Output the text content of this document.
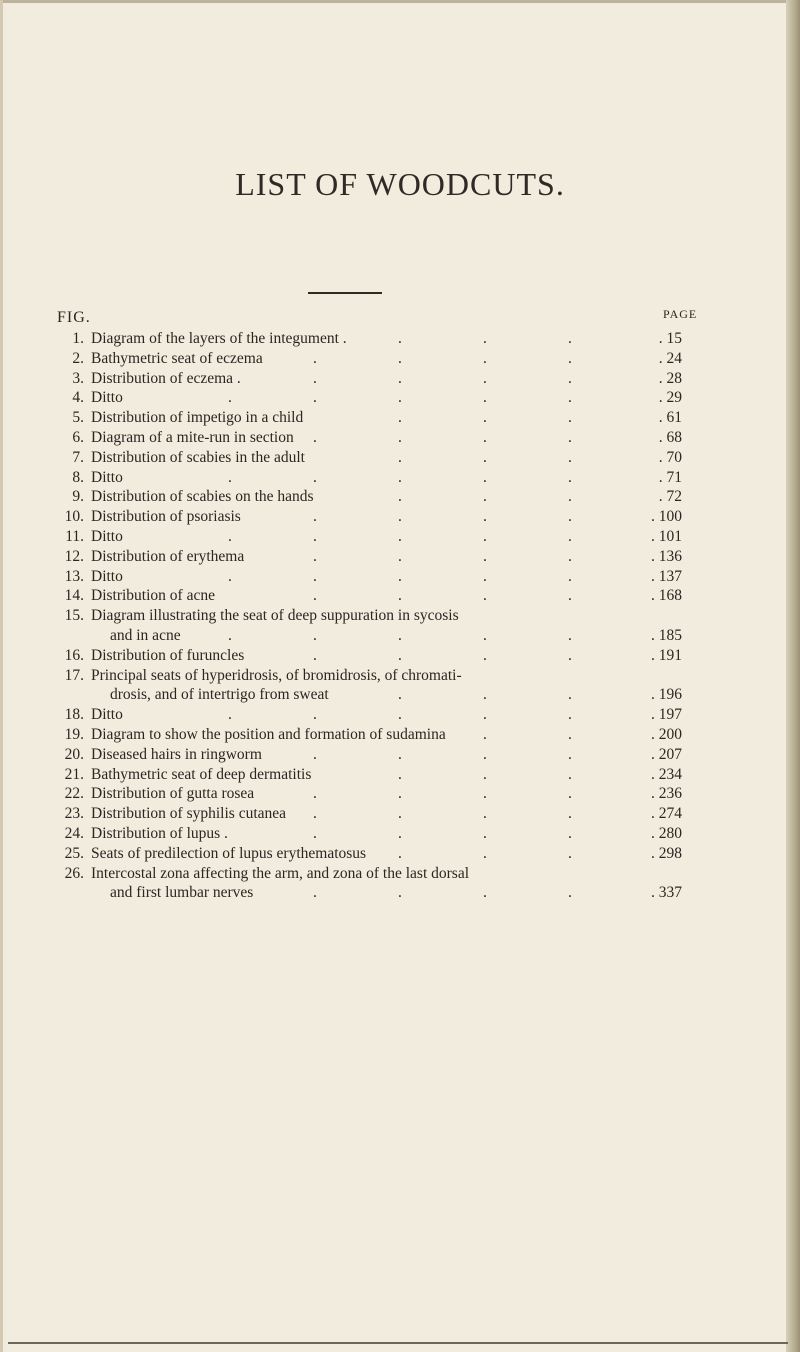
LIST OF WOODCUTS.
FIG.	PAGE
1. Diagram of the layers of the integument .	.	.	.	. 15
2. Bathymetric seat of eczema	.	.	.	.	. 24
3. Distribution of eczema .	.	.	.	.	. 28
4. Ditto	.	.	.	.	.	. 29
5. Distribution of impetigo in a child	.	.	.	. 61
6. Diagram of a mite-run in section .	.	.	.	. 68
7. Distribution of scabies in the adult	.	.	.	. 70
8. Ditto	.	.	.	.	.	. 71
9. Distribution of scabies on the hands	.	.	.	. 72
10. Distribution of psoriasis	.	.	.	.	. 100
11. Ditto	.	.	.	.	.	. 101
12. Distribution of erythema	.	.	.	.	. 136
13. Ditto	.	.	.	.	.	. 137
14. Distribution of acne	.	.	.	.	. 168
15. Diagram illustrating the seat of deep suppuration in sycosis
and in acne	.	.	.	.	.	. 185
16. Distribution of furuncles	.	.	.	.	. 191
17. Principal seats of hyperidrosis, of bromidrosis, of chromati-
drosis, and of intertrigo from sweat	.	.	.	. 196
18. Ditto	.	.	.	.	.	. 197
19. Diagram to show the position and formation of sudamina .	.	. 200
20. Diseased hairs in ringworm	.	.	.	.	. 207
21. Bathymetric seat of deep dermatitis	.	.	.	. 234
22. Distribution of gutta rosea	.	.	.	.	. 236
23. Distribution of syphilis cutanea .	.	.	.	. 274
24. Distribution of lupus .	.	.	.	.	. 280
25. Seats of predilection of lupus erythematosus .	.	.	. 298
26. Intercostal zona affecting the arm, and zona of the last dorsal
and first lumbar nerves	.	.	.	.	. 337
